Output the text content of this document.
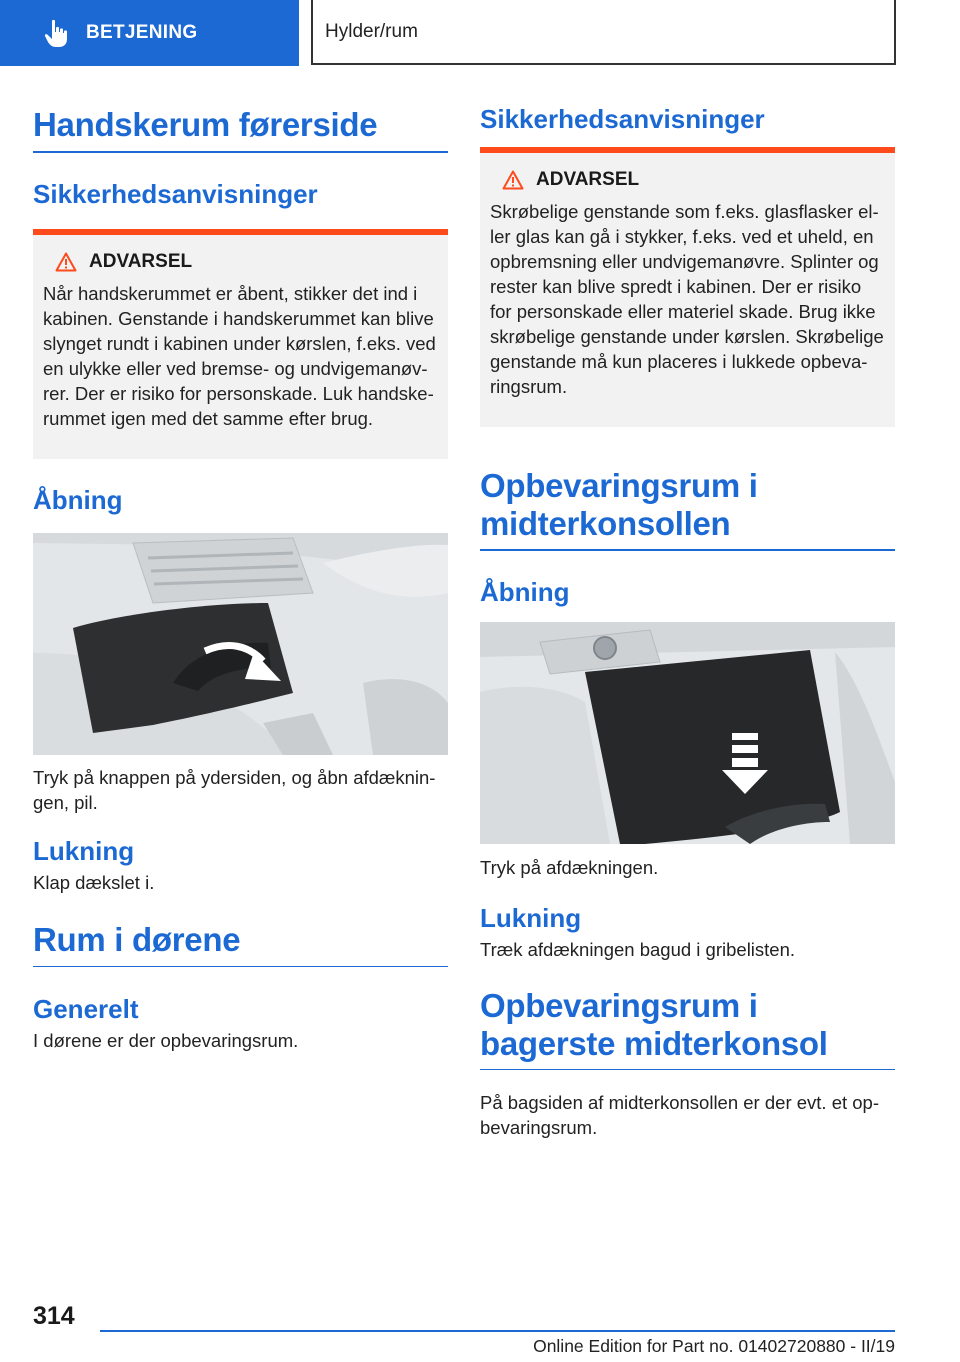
BETJENING	Hylder/rum
Handskerum førerside
Sikkerhedsanvisninger
ADVARSEL

Når handskerummet er åbent, stikker det ind i kabinen. Genstande i handskerummet kan blive slynget rundt i kabinen under kørslen, f.eks. ved en ulykke eller ved bremse- og undvigemanøv-rer. Der er risiko for personskade. Luk handske-rummet igen med det samme efter brug.

Åbning

Tryk på knappen på ydersiden, og åbn afdæknin-gen, pil.

Lukning

Klap dækslet i.

Rum i dørene
Generelt

I dørene er der opbevaringsrum.

Sikkerhedsanvisninger
ADVARSEL

Skrøbelige genstande som f.eks. glasflasker el-ler glas kan gå i stykker, f.eks. ved et uheld, en opbremsning eller undvigemanøvre. Splinter og rester kan blive spredt i kabinen. Der er risiko for personskade eller materiel skade. Brug ikke skrøbelige genstande under kørslen. Skrøbelige genstande må kun placeres i lukkede opbeva-ringsrum.

Opbevaringsrum i midterkonsollen
Åbning

Tryk på afdækningen.

Lukning

Træk afdækningen bagud i gribelisten.

Opbevaringsrum i bagerste midterkonsol

På bagsiden af midterkonsollen er der evt. et op-bevaringsrum.

314
Online Edition for Part no. 01402720880 - II/19
